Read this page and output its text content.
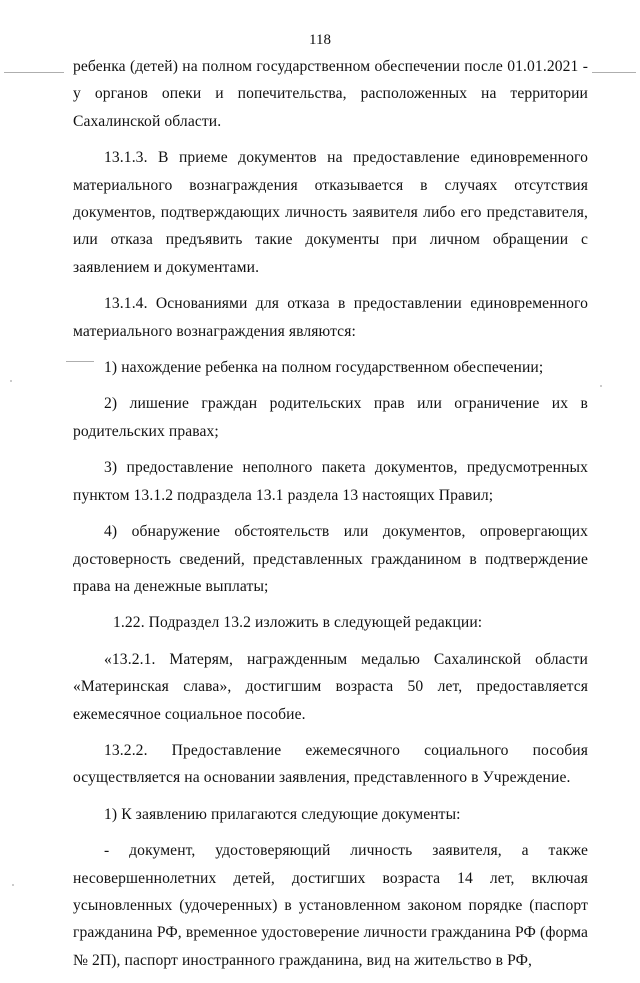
118

ребенка (детей) на полном государственном обеспечении после 01.01.2021 - у органов опеки и попечительства, расположенных на территории Сахалинской области.

13.1.3. В приеме документов на предоставление единовременного материального вознаграждения отказывается в случаях отсутствия документов, подтверждающих личность заявителя либо его представителя, или отказа предъявить такие документы при личном обращении с заявлением и документами.

13.1.4. Основаниями для отказа в предоставлении единовременного материального вознаграждения являются:

1) нахождение ребенка на полном государственном обеспечении;

2) лишение граждан родительских прав или ограничение их в родительских правах;

3) предоставление неполного пакета документов, предусмотренных пунктом 13.1.2 подраздела 13.1 раздела 13 настоящих Правил;

4) обнаружение обстоятельств или документов, опровергающих достоверность сведений, представленных гражданином в подтверждение права на денежные выплаты;

1.22. Подраздел 13.2 изложить в следующей редакции:

«13.2.1. Матерям, награжденным медалью Сахалинской области «Материнская слава», достигшим возраста 50 лет, предоставляется ежемесячное социальное пособие.

13.2.2. Предоставление ежемесячного социального пособия осуществляется на основании заявления, представленного в Учреждение.

1) К заявлению прилагаются следующие документы:

- документ, удостоверяющий личность заявителя, а также несовершеннолетних детей, достигших возраста 14 лет, включая усыновленных (удочеренных) в установленном законом порядке (паспорт гражданина РФ, временное удостоверение личности гражданина РФ (форма № 2П), паспорт иностранного гражданина, вид на жительство в РФ,
